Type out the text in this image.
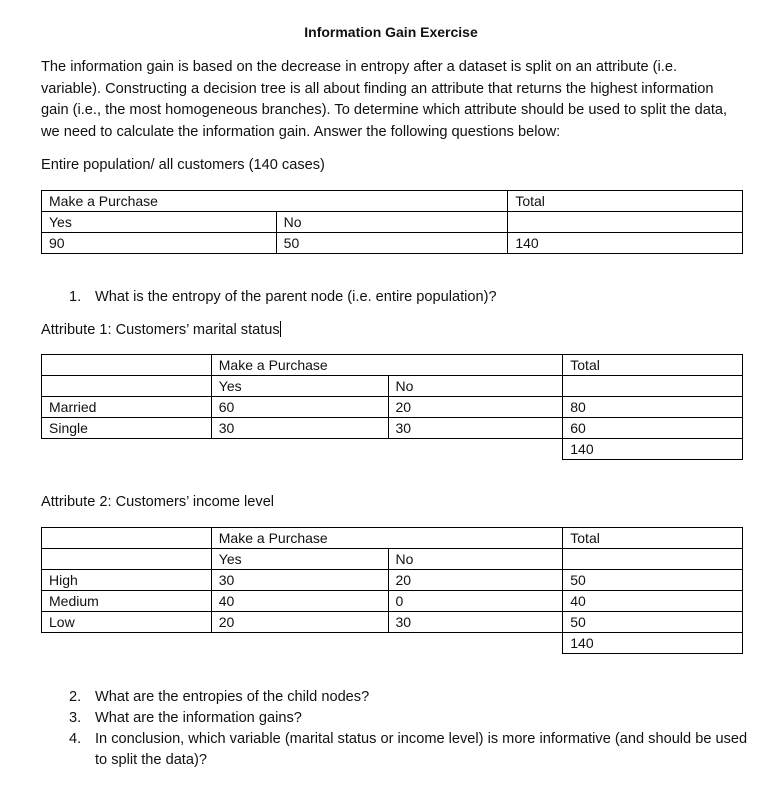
Information Gain Exercise
The information gain is based on the decrease in entropy after a dataset is split on an attribute (i.e. variable). Constructing a decision tree is all about finding an attribute that returns the highest information gain (i.e., the most homogeneous branches). To determine which attribute should be used to split the data, we need to calculate the information gain. Answer the following questions below:
Entire population/ all customers (140 cases)
Make a Purchase		Total
Yes	No	
90	50	140
1. What is the entropy of the parent node (i.e. entire population)?
Attribute 1: Customers’ marital status
	Make a Purchase		Total
	Yes	No	
Married	60	20	80
Single	30	30	60
			140
Attribute 2: Customers’ income level
	Make a Purchase		Total
	Yes	No	
High	30	20	50
Medium	40	0	40
Low	20	30	50
			140
2. What are the entropies of the child nodes?
3. What are the information gains?
4. In conclusion, which variable (marital status or income level) is more informative (and should be used to split the data)?
